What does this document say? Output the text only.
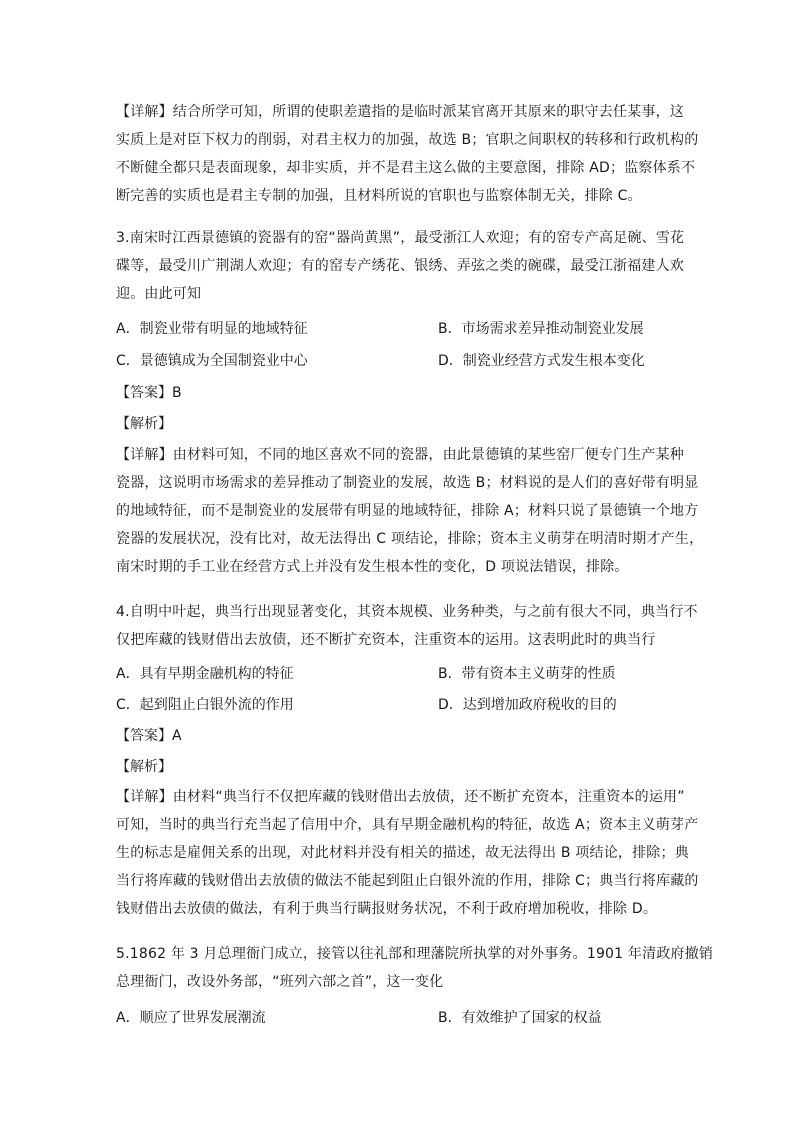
【详解】结合所学可知，所谓的使职差遣指的是临时派某官离开其原来的职守去任某事，这
实质上是对臣下权力的削弱，对君主权力的加强，故选 B；官职之间职权的转移和行政机构的
不断健全都只是表面现象，却非实质，并不是君主这么做的主要意图，排除 AD；监察体系不
断完善的实质也是君主专制的加强，且材料所说的官职也与监察体制无关，排除 C。
3.南宋时江西景德镇的瓷器有的窑“器尚黄黑”，最受浙江人欢迎；有的窑专产高足碗、雪花
碟等，最受川广荆湖人欢迎；有的窑专产绣花、银绣、弄弦之类的碗碟，最受江浙福建人欢
迎。由此可知
A．制瓷业带有明显的地域特征	B．市场需求差异推动制瓷业发展
C．景德镇成为全国制瓷业中心	D．制瓷业经营方式发生根本变化
【答案】B
【解析】
【详解】由材料可知，不同的地区喜欢不同的瓷器，由此景德镇的某些窑厂便专门生产某种
瓷器，这说明市场需求的差异推动了制瓷业的发展，故选 B；材料说的是人们的喜好带有明显
的地域特征，而不是制瓷业的发展带有明显的地域特征，排除 A；材料只说了景德镇一个地方
瓷器的发展状况，没有比对，故无法得出 C 项结论，排除；资本主义萌芽在明清时期才产生，
南宋时期的手工业在经营方式上并没有发生根本性的变化，D 项说法错误，排除。
4.自明中叶起，典当行出现显著变化，其资本规模、业务种类，与之前有很大不同，典当行不
仅把库藏的钱财借出去放债，还不断扩充资本，注重资本的运用。这表明此时的典当行
A．具有早期金融机构的特征	B．带有资本主义萌芽的性质
C．起到阻止白银外流的作用	D．达到增加政府税收的目的
【答案】A
【解析】
【详解】由材料“典当行不仅把库藏的钱财借出去放债，还不断扩充资本，注重资本的运用”
可知，当时的典当行充当起了信用中介，具有早期金融机构的特征，故选 A；资本主义萌芽产
生的标志是雇佣关系的出现，对此材料并没有相关的描述，故无法得出 B 项结论，排除；典
当行将库藏的钱财借出去放债的做法不能起到阻止白银外流的作用，排除 C；典当行将库藏的
钱财借出去放债的做法，有利于典当行瞒报财务状况，不利于政府增加税收，排除 D。
5.1862 年 3 月总理衙门成立，接管以往礼部和理藩院所执掌的对外事务。1901 年清政府撤销
总理衙门，改设外务部，“班列六部之首”，这一变化
A．顺应了世界发展潮流	B．有效维护了国家的权益
